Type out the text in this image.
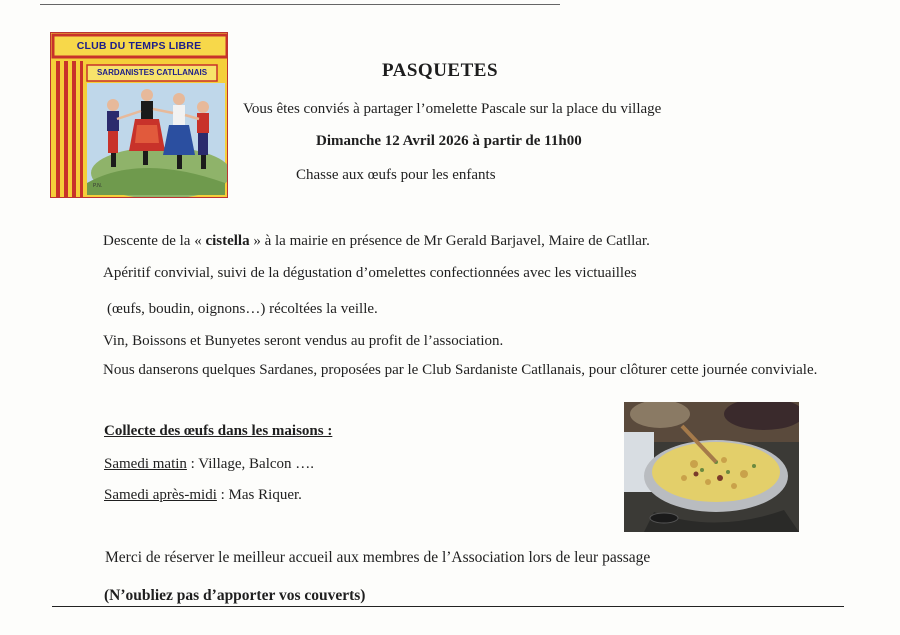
CLUB DU TEMPS LIBRE
SARDANISTES CATLLANAIS
P.N.
PASQUETES
Vous êtes conviés à partager l’omelette Pascale sur la place du village
Dimanche 12 Avril 2026 à partir de 11h00
Chasse aux œufs pour les enfants
Descente de la « cistella » à la mairie en présence de Mr Gerald Barjavel, Maire de Catllar.
Apéritif convivial, suivi de la dégustation d’omelettes confectionnées avec les victuailles
(œufs, boudin, oignons…) récoltées la veille.
Vin, Boissons et Bunyetes seront vendus au profit de l’association.
Nous danserons quelques Sardanes, proposées par le Club Sardaniste Catllanais, pour clôturer cette journée conviviale.
Collecte des œufs dans les maisons :
Samedi matin : Village, Balcon ….
Samedi après-midi : Mas Riquer.
Merci de réserver le meilleur accueil aux membres de l’Association lors de leur passage
(N’oubliez pas d’apporter vos couverts)
